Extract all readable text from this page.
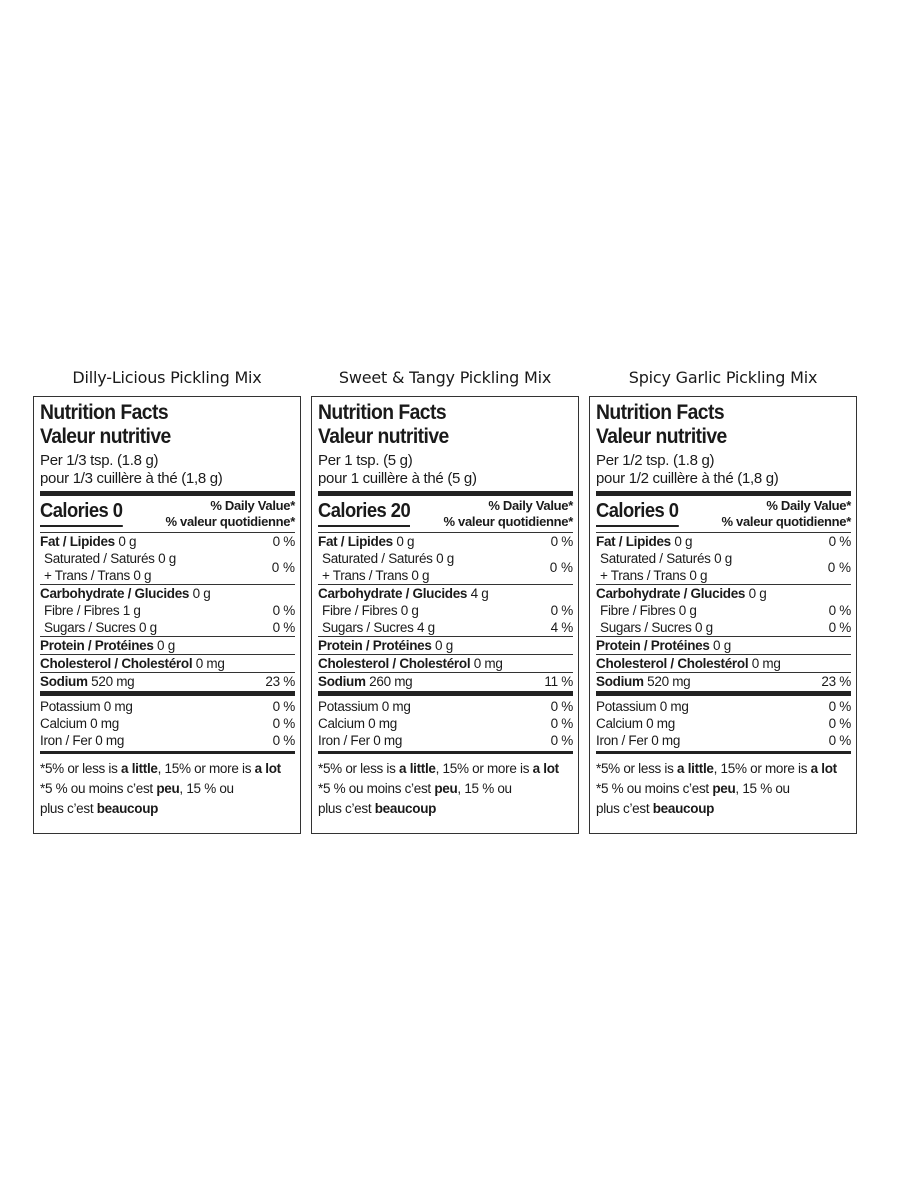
Dilly-Licious Pickling Mix
Nutrition Facts
Valeur nutritive
Per 1/3 tsp. (1.8 g)
pour 1/3 cuillère à thé (1,8 g)
Calories 0	% Daily Value*
% valeur quotidienne*
Fat / Lipides 0 g	0 %
Saturated / Saturés 0 g
+ Trans / Trans 0 g
0 %
Carbohydrate / Glucides 0 g
Fibre / Fibres 1 g	0 %
Sugars / Sucres 0 g	0 %
Protein / Protéines 0 g
Cholesterol / Cholestérol 0 mg
Sodium 520 mg	23 %
Potassium 0 mg	0 %
Calcium 0 mg	0 %
Iron / Fer 0 mg	0 %
*5% or less is a little, 15% or more is a lot
*5 % ou moins c’est peu, 15 % ou
plus c’est beaucoup
Sweet & Tangy Pickling Mix
Nutrition Facts
Valeur nutritive
Per 1 tsp. (5 g)
pour 1 cuillère à thé (5 g)
Calories 20	% Daily Value*
% valeur quotidienne*
Fat / Lipides 0 g	0 %
Saturated / Saturés 0 g
+ Trans / Trans 0 g
0 %
Carbohydrate / Glucides 4 g
Fibre / Fibres 0 g	0 %
Sugars / Sucres 4 g	4 %
Protein / Protéines 0 g
Cholesterol / Cholestérol 0 mg
Sodium 260 mg	11 %
Potassium 0 mg	0 %
Calcium 0 mg	0 %
Iron / Fer 0 mg	0 %
*5% or less is a little, 15% or more is a lot
*5 % ou moins c’est peu, 15 % ou
plus c’est beaucoup
Spicy Garlic Pickling Mix
Nutrition Facts
Valeur nutritive
Per 1/2 tsp. (1.8 g)
pour 1/2 cuillère à thé (1,8 g)
Calories 0	% Daily Value*
% valeur quotidienne*
Fat / Lipides 0 g	0 %
Saturated / Saturés 0 g
+ Trans / Trans 0 g
0 %
Carbohydrate / Glucides 0 g
Fibre / Fibres 0 g	0 %
Sugars / Sucres 0 g	0 %
Protein / Protéines 0 g
Cholesterol / Cholestérol 0 mg
Sodium 520 mg	23 %
Potassium 0 mg	0 %
Calcium 0 mg	0 %
Iron / Fer 0 mg	0 %
*5% or less is a little, 15% or more is a lot
*5 % ou moins c’est peu, 15 % ou
plus c’est beaucoup
